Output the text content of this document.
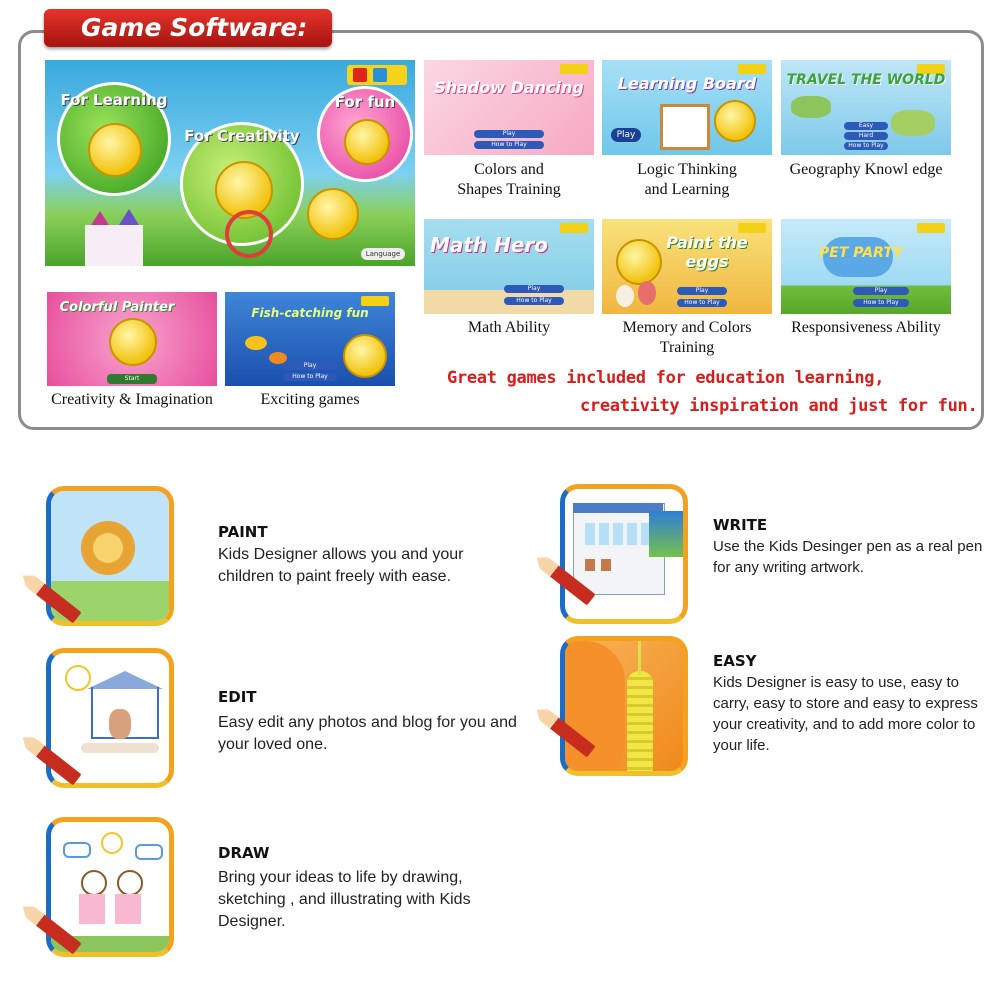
Game Software:
For Learning
For Creativity
For fun
Language
Shadow Dancing
Play
How to Play
Colors and
Shapes Training
Learning Board
Play
Logic Thinking
and Learning
TRAVEL THE WORLD
Easy
Hard
How to Play
Geography Knowl edge
Math Hero
Play
How to Play
Math Ability
Paint the eggs
Play
How to Play
Memory and Colors
Training
PET PARTY
Play
How to Play
Responsiveness Ability
Colorful Painter
Start
Creativity & Imagination
Fish-catching fun
Play
How to Play
Exciting games
Great games included for education learning,
creativity inspiration and just for fun.
PAINT
Kids Designer allows you and your children to paint freely with ease.
EDIT
Easy edit any photos and blog for you and your loved one.
DRAW
Bring your ideas to life by drawing, sketching , and illustrating with Kids Designer.
WRITE
Use the Kids Desinger pen as a real pen for any writing artwork.
EASY
Kids Designer is easy to use, easy to carry, easy to store and easy to express your creativity, and to add more color to your life.
